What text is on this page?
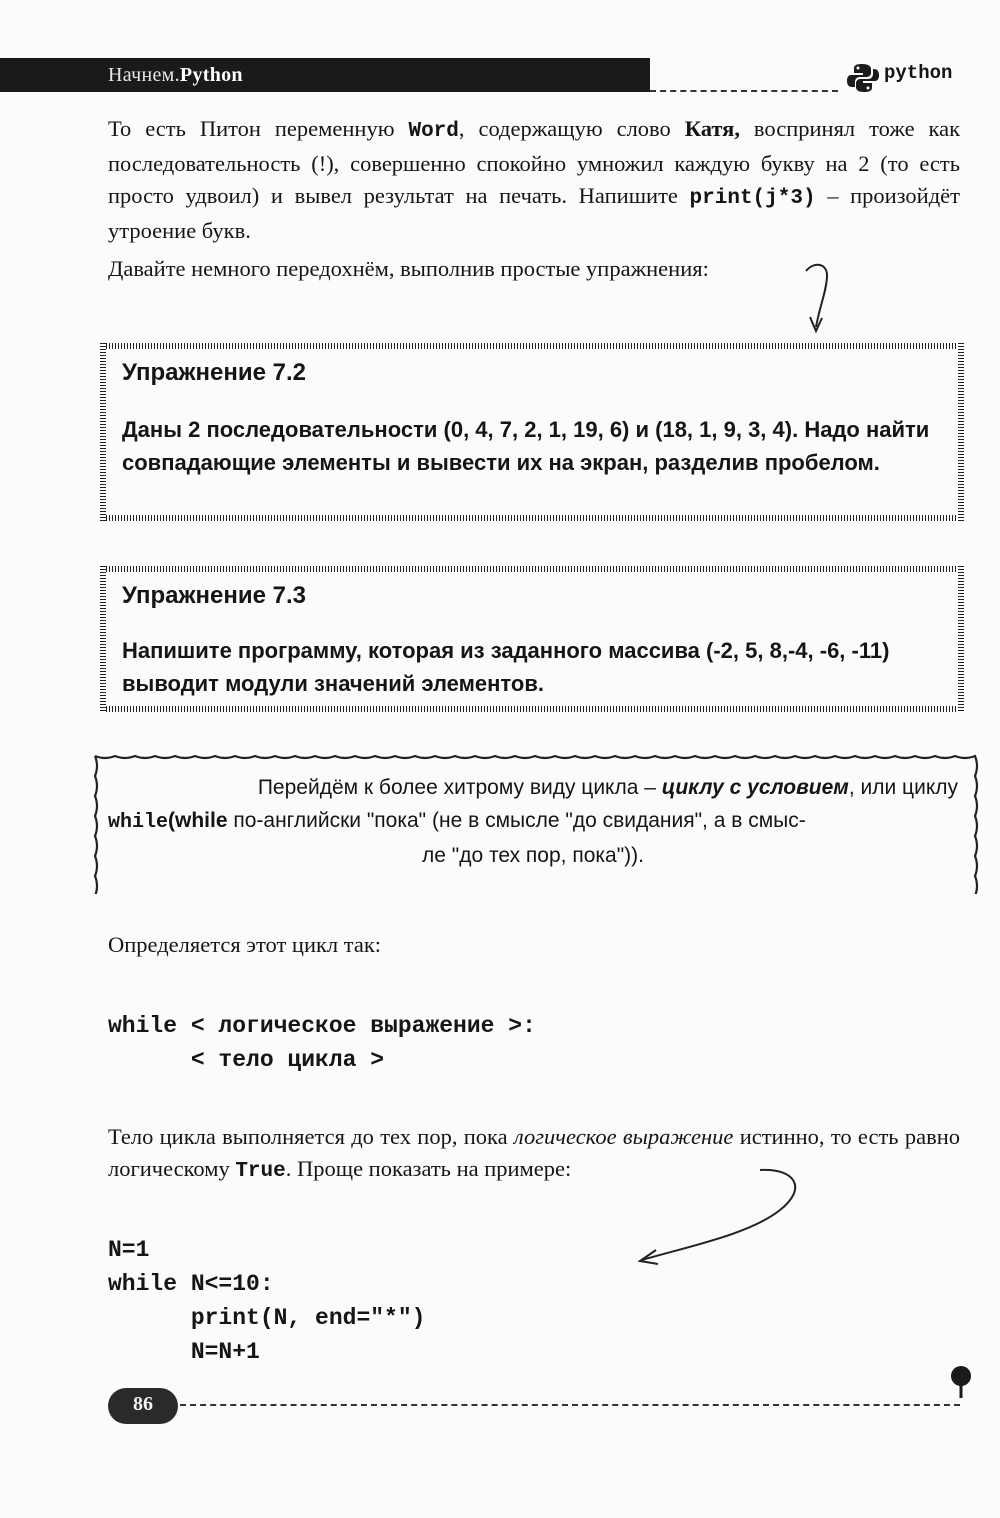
Начнем.Python	python
То есть Питон переменную Word, содержащую слово Катя, воспринял тоже как последовательность (!), совершенно спокойно умножил каждую букву на 2 (то есть просто удвоил) и вывел результат на печать. Напишите print(j*3) – произойдёт утроение букв.
Давайте немного передохнём, выполнив простые упражнения:
Упражнение 7.2
Даны 2 последовательности (0, 4, 7, 2, 1, 19, 6) и (18, 1, 9, 3, 4). Надо найти совпадающие элементы и вывести их на экран, разделив пробелом.
Упражнение 7.3
Напишите программу, которая из заданного массива (-2, 5, 8,-4, -6, -11) выводит модули значений элементов.
Перейдём к более хитрому виду цикла – циклу с условием, или циклу
while(while по-английски "пока" (не в смысле "до свидания", а в смыс-
ле "до тех пор, пока")).
Определяется этот цикл так:
while < логическое выражение >:
< тело цикла >
Тело цикла выполняется до тех пор, пока логическое выражение истинно, то есть равно логическому True. Проще показать на примере:
N=1
while N<=10:
print(N, end="*")
N=N+1
86
